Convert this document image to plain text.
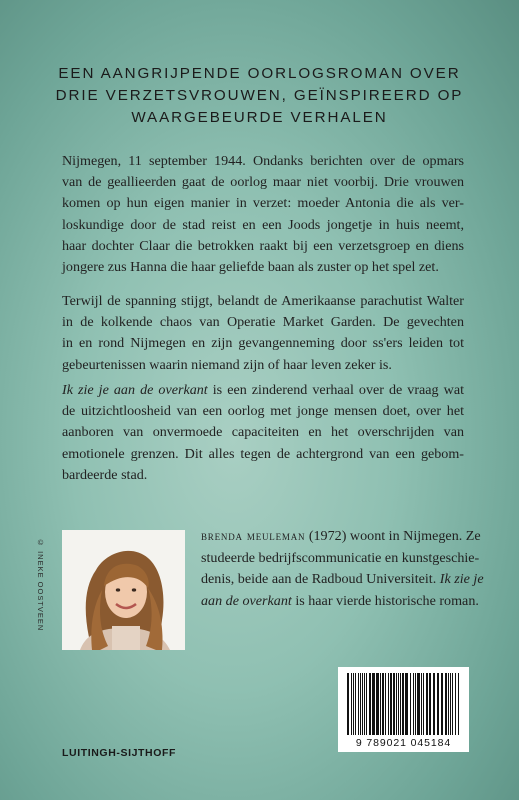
EEN AANGRIJPENDE OORLOGSROMAN OVER
DRIE VERZETSVROUWEN, GEÏNSPIREERD OP
WAARGEBEURDE VERHALEN
Nijmegen, 11 september 1944. Ondanks berichten over de opmars
van de geallieerden gaat de oorlog maar niet voorbij. Drie vrouwen
komen op hun eigen manier in verzet: moeder Antonia die als ver-
loskundige door de stad reist en een Joods jongetje in huis neemt,
haar dochter Claar die betrokken raakt bij een verzetsgroep en diens
jongere zus Hanna die haar geliefde baan als zuster op het spel zet.
Terwijl de spanning stijgt, belandt de Amerikaanse parachutist Walter
in de kolkende chaos van Operatie Market Garden. De gevechten
in en rond Nijmegen en zijn gevangenneming door ss'ers leiden tot
gebeurtenissen waarin niemand zijn of haar leven zeker is.
Ik zie je aan de overkant is een zinderend verhaal over de vraag wat
de uitzichtloosheid van een oorlog met jonge mensen doet, over het
aanboren van onvermoede capaciteiten en het overschrijden van
emotionele grenzen. Dit alles tegen de achtergrond van een gebom-
bardeerde stad.
© INEKE OOSTVEEN
brenda meuleman (1972) woont in Nijmegen. Ze
studeerde bedrijfscommunicatie en kunstgeschie-
denis, beide aan de Radboud Universiteit. Ik zie je
aan de overkant is haar vierde historische roman.
9 789021 045184
LUITINGH-SIJTHOFF
